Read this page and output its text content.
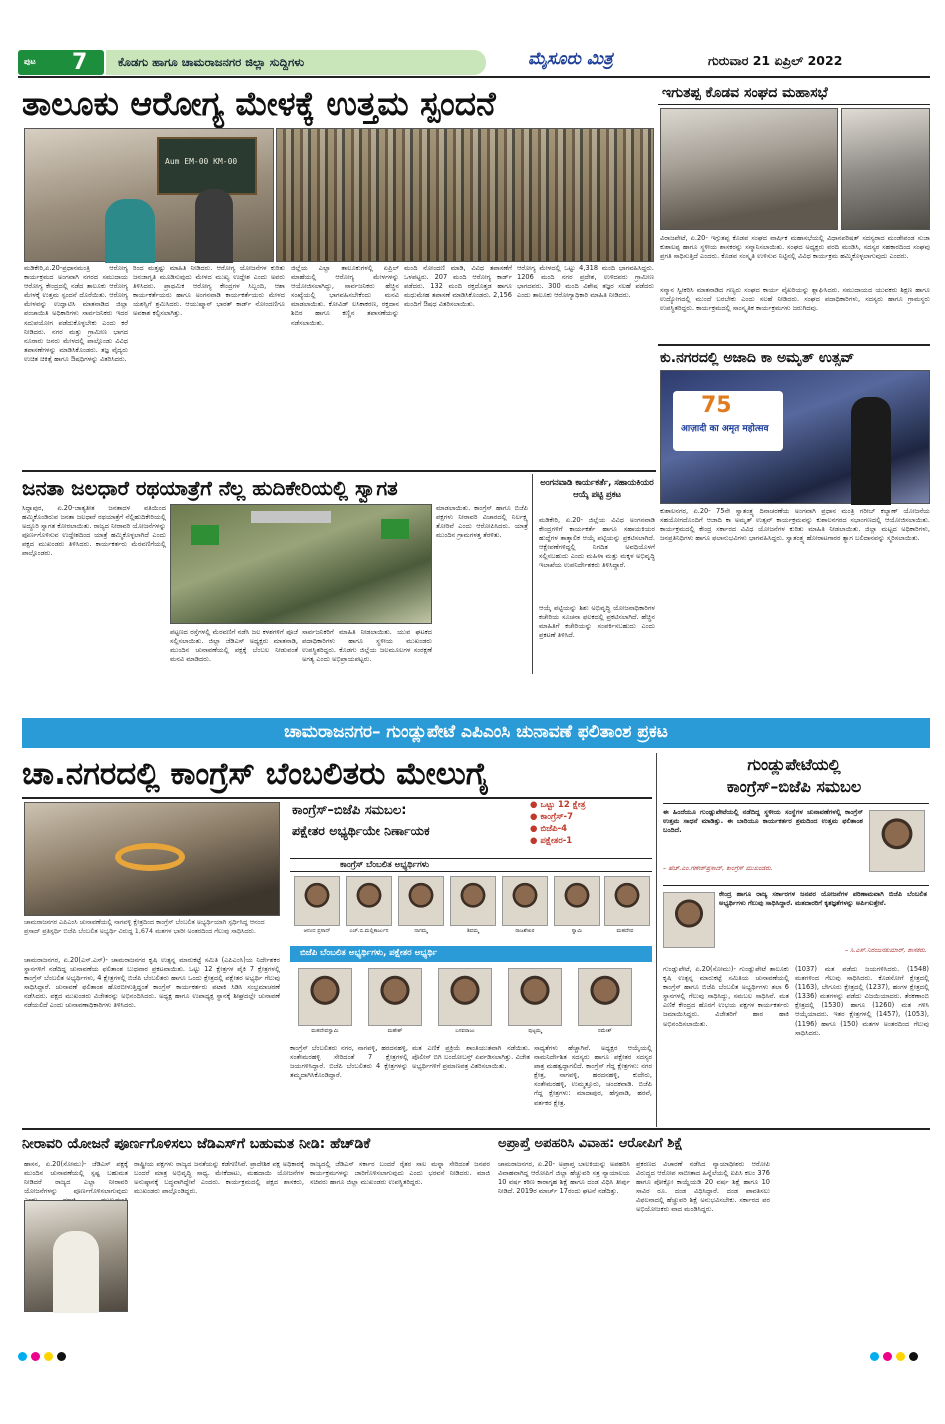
ಪುಟ 7	ಕೊಡಗು ಹಾಗೂ ಚಾಮರಾಜನಗರ ಜಿಲ್ಲಾ ಸುದ್ದಿಗಳು	ಮೈಸೂರು ಮಿತ್ರ	ಗುರುವಾರ 21 ಏಪ್ರಿಲ್ 2022
ತಾಲೂಕು ಆರೋಗ್ಯ ಮೇಳಕ್ಕೆ ಉತ್ತಮ ಸ್ಪಂದನೆ
Aum EM-00 KM-00
ಮಡಿಕೇರಿ,ಏ.20-ಪ್ರಧಾನಮಂತ್ರಿ ಆರೋಗ್ಯ ಕಾರ್ಯಕ್ರಮದ ಅಂಗವಾಗಿ ನಗರದ ಸಮುದಾಯ ಆರೋಗ್ಯ ಕೇಂದ್ರದಲ್ಲಿ ನಡೆದ ತಾಲೂಕು ಆರೋಗ್ಯ ಮೇಳಕ್ಕೆ ಉತ್ತಮ ಸ್ಪಂದನೆ ದೊರೆಯಿತು. ಆರೋಗ್ಯ ಮೇಳವನ್ನು ಉದ್ಘಾಟಿಸಿ ಮಾತನಾಡಿದ ಜಿಲ್ಲಾ ಪಂಚಾಯಿತಿ ಅಧಿಕಾರಿಗಳು ಸಾರ್ವಜನಿಕರು ಇದರ ಸದುಪಯೋಗ ಪಡೆದುಕೊಳ್ಳಬೇಕು ಎಂದು ಕರೆ ನೀಡಿದರು. ನಗರ ಮತ್ತು ಗ್ರಾಮೀಣ ಭಾಗದ ನೂರಾರು ಜನರು ಮೇಳದಲ್ಲಿ ಪಾಲ್ಗೊಂಡು ವಿವಿಧ ತಪಾಸಣೆಗಳನ್ನು ಮಾಡಿಸಿಕೊಂಡರು. ತಜ್ಞ ವೈದ್ಯರು ಉಚಿತ ಚಿಕಿತ್ಸೆ ಹಾಗೂ ಔಷಧಿಗಳನ್ನು ವಿತರಿಸಿದರು.
ರಿಂದ ಮತ್ತಷ್ಟು ಮಾಹಿತಿ ನೀಡಿದರು. ಆರೋಗ್ಯ ಯೋಜನೆಗಳ ಕುರಿತು ಜನಜಾಗೃತಿ ಮೂಡಿಸುವುದು ಮೇಳದ ಮುಖ್ಯ ಉದ್ದೇಶ ಎಂದು ಅವರು ತಿಳಿಸಿದರು. ಪ್ರಾಥಮಿಕ ಆರೋಗ್ಯ ಕೇಂದ್ರಗಳ ಸಿಬ್ಬಂದಿ, ಆಶಾ ಕಾರ್ಯಕರ್ತೆಯರು ಹಾಗೂ ಅಂಗನವಾಡಿ ಕಾರ್ಯಕರ್ತೆಯರು ಮೇಳದ ಯಶಸ್ಸಿಗೆ ಶ್ರಮಿಸಿದರು. ಆಯುಷ್ಮಾನ್ ಭಾರತ್ ಕಾರ್ಡ್ ನೋಂದಣಿಗೂ ಅವಕಾಶ ಕಲ್ಪಿಸಲಾಗಿತ್ತು.
ಜಿಲ್ಲೆಯ ಎಲ್ಲಾ ತಾಲೂಕುಗಳಲ್ಲಿ ಏಪ್ರಿಲ್ ಮಾಹೆಯಲ್ಲಿ ಆರೋಗ್ಯ ಮೇಳಗಳನ್ನು ಆಯೋಜಿಸಲಾಗಿದ್ದು, ಸಾರ್ವಜನಿಕರು ಹೆಚ್ಚಿನ ಸಂಖ್ಯೆಯಲ್ಲಿ ಭಾಗವಹಿಸಬೇಕೆಂದು ಮನವಿ ಮಾಡಲಾಯಿತು. ಕೋವಿಡ್ ಲಸಿಕಾಕರಣ, ರಕ್ತದಾನ ಶಿಬಿರ ಹಾಗೂ ಕಣ್ಣಿನ ತಪಾಸಣೆಯನ್ನು ನಡೆಸಲಾಯಿತು.
ಮಂದಿ ನೋಂದಣಿ ಮಾಡಿ, ವಿವಿಧ ತಪಾಸಣೆಗೆ ಒಳಪಟ್ಟರು. 207 ಮಂದಿ ಆರೋಗ್ಯ ಕಾರ್ಡ್ ಪಡೆದರು. 132 ಮಂದಿ ರಕ್ತದೊತ್ತಡ ಹಾಗೂ ಮಧುಮೇಹ ತಪಾಸಣೆ ಮಾಡಿಸಿಕೊಂಡರು. 2,156 ಮಂದಿಗೆ ಔಷಧ ವಿತರಿಸಲಾಯಿತು.
ಆರೋಗ್ಯ ಮೇಳದಲ್ಲಿ ಒಟ್ಟು 4,318 ಮಂದಿ ಭಾಗವಹಿಸಿದ್ದರು. 1206 ಮಂದಿ ನಗರ ಪ್ರದೇಶ, ಉಳಿದವರು ಗ್ರಾಮೀಣ ಭಾಗದವರು. 300 ಮಂದಿ ವಿಶೇಷ ತಜ್ಞರ ಸಲಹೆ ಪಡೆದರು ಎಂದು ತಾಲೂಕು ಆರೋಗ್ಯಾಧಿಕಾರಿ ಮಾಹಿತಿ ನೀಡಿದರು.
ಇಗುತಪ್ಪ ಕೊಡವ ಸಂಘದ ಮಹಾಸಭೆ
ವಿರಾಜಪೇಟೆ, ಏ.20- ಇಗ್ಗುತಪ್ಪ ಕೊಡವ ಸಂಘದ ವಾರ್ಷಿಕ ಮಹಾಸಭೆಯಲ್ಲಿ ವಿಧಾನಪರಿಷತ್ ಸದಸ್ಯರಾದ ಮಂಡೇಪಂಡ ಸುಜಾ ಕುಶಾಲಪ್ಪ ಹಾಗೂ ಸ್ಥಳೀಯ ಶಾಸಕರನ್ನು ಸನ್ಮಾನಿಸಲಾಯಿತು. ಸಂಘದ ಅಧ್ಯಕ್ಷರು ವರದಿ ಮಂಡಿಸಿ, ಸದಸ್ಯರ ಸಹಕಾರದಿಂದ ಸಂಘವು ಪ್ರಗತಿ ಸಾಧಿಸುತ್ತಿದೆ ಎಂದರು. ಕೊಡವ ಸಂಸ್ಕೃತಿ ಉಳಿಸುವ ನಿಟ್ಟಿನಲ್ಲಿ ವಿವಿಧ ಕಾರ್ಯಕ್ರಮ ಹಮ್ಮಿಕೊಳ್ಳಲಾಗುವುದು ಎಂದರು.
ಸನ್ಮಾನ ಸ್ವೀಕರಿಸಿ ಮಾತನಾಡಿದ ಗಣ್ಯರು ಸಂಘದ ಕಾರ್ಯ ವೈಖರಿಯನ್ನು ಶ್ಲಾಘಿಸಿದರು. ಸಮುದಾಯದ ಯುವಕರು ಶಿಕ್ಷಣ ಹಾಗೂ ಉದ್ಯೋಗದಲ್ಲಿ ಮುಂದೆ ಬರಬೇಕು ಎಂದು ಸಲಹೆ ನೀಡಿದರು. ಸಂಘದ ಪದಾಧಿಕಾರಿಗಳು, ಸದಸ್ಯರು ಹಾಗೂ ಗ್ರಾಮಸ್ಥರು ಉಪಸ್ಥಿತರಿದ್ದರು. ಕಾರ್ಯಕ್ರಮದಲ್ಲಿ ಸಾಂಸ್ಕೃತಿಕ ಕಾರ್ಯಕ್ರಮಗಳು ಜರುಗಿದವು.
ಕು.ನಗರದಲ್ಲಿ ಅಜಾದಿ ಕಾ ಅಮೃತ್ ಉತ್ಸವ್
75
आज़ादी का अमृत महोत्सव
ಕುಶಾಲನಗರ, ಏ.20- 75ನೇ ಸ್ವಾತಂತ್ರ್ಯ ದಿನಾಚರಣೆಯ ಅಂಗವಾಗಿ ಪ್ರಧಾನ ಮಂತ್ರಿ ಗರೀಬ್ ಕಲ್ಯಾಣ್ ಯೋಜನೆಯ ಸಹಯೋಗದೊಂದಿಗೆ ಆಜಾದಿ ಕಾ ಅಮೃತ್ ಉತ್ಸವ್ ಕಾರ್ಯಕ್ರಮವನ್ನು ಕುಶಾಲನಗರದ ಸಭಾಂಗಣದಲ್ಲಿ ಆಯೋಜಿಸಲಾಯಿತು. ಕಾರ್ಯಕ್ರಮದಲ್ಲಿ ಕೇಂದ್ರ ಸರ್ಕಾರದ ವಿವಿಧ ಯೋಜನೆಗಳ ಕುರಿತು ಮಾಹಿತಿ ನೀಡಲಾಯಿತು. ಜಿಲ್ಲಾ ಮಟ್ಟದ ಅಧಿಕಾರಿಗಳು, ಜನಪ್ರತಿನಿಧಿಗಳು ಹಾಗೂ ಫಲಾನುಭವಿಗಳು ಭಾಗವಹಿಸಿದ್ದರು. ಸ್ವಾತಂತ್ರ್ಯ ಹೋರಾಟಗಾರರ ತ್ಯಾಗ ಬಲಿದಾನವನ್ನು ಸ್ಮರಿಸಲಾಯಿತು.
ಜನತಾ ಜಲಧಾರೆ ರಥಯಾತ್ರೆಗೆ ನೆಲ್ಲ ಹುದಿಕೇರಿಯಲ್ಲಿ ಸ್ವಾಗತ
ಸಿದ್ದಾಪುರ, ಏ.20-ಜಾತ್ಯತೀತ ಜನತಾದಳ ವತಿಯಿಂದ ಹಮ್ಮಿಕೊಂಡಿರುವ ಜನತಾ ಜಲಧಾರೆ ರಥಯಾತ್ರೆಗೆ ನೆಲ್ಲಿಹುದಿಕೇರಿಯಲ್ಲಿ ಅದ್ಧೂರಿ ಸ್ವಾಗತ ಕೋರಲಾಯಿತು. ರಾಜ್ಯದ ನೀರಾವರಿ ಯೋಜನೆಗಳನ್ನು ಪೂರ್ಣಗೊಳಿಸುವ ಉದ್ದೇಶದಿಂದ ಯಾತ್ರೆ ಹಮ್ಮಿಕೊಳ್ಳಲಾಗಿದೆ ಎಂದು ಪಕ್ಷದ ಮುಖಂಡರು ತಿಳಿಸಿದರು. ಕಾರ್ಯಕರ್ತರು ಮೆರವಣಿಗೆಯಲ್ಲಿ ಪಾಲ್ಗೊಂಡರು.
ಪಟ್ಟಣದ ರಸ್ತೆಗಳಲ್ಲಿ ಮೆರವಣಿಗೆ ನಡೆಸಿ ಜಲ ಕಳಶಗಳಿಗೆ ಪೂಜೆ ಸಲ್ಲಿಸಲಾಯಿತು. ಜಿಲ್ಲಾ ಜೆಡಿಎಸ್ ಅಧ್ಯಕ್ಷರು ಮಾತನಾಡಿ, ಮುಂದಿನ ಚುನಾವಣೆಯಲ್ಲಿ ಪಕ್ಷಕ್ಕೆ ಬೆಂಬಲ ನೀಡುವಂತೆ ಮನವಿ ಮಾಡಿದರು.
ಸಾರ್ವಜನಿಕರಿಗೆ ಮಾಹಿತಿ ನೀಡಲಾಯಿತು. ಯುವ ಘಟಕದ ಪದಾಧಿಕಾರಿಗಳು ಹಾಗೂ ಸ್ಥಳೀಯ ಮುಖಂಡರು ಉಪಸ್ಥಿತರಿದ್ದರು. ಕೊಡಗು ಜಿಲ್ಲೆಯ ಜಲಮೂಲಗಳ ಸಂರಕ್ಷಣೆ ಅಗತ್ಯ ಎಂದು ಅಭಿಪ್ರಾಯಪಟ್ಟರು.
ಮಾಡಲಾಯಿತು. ಕಾಂಗ್ರೆಸ್ ಹಾಗೂ ಬಿಜೆಪಿ ಪಕ್ಷಗಳು ನೀರಾವರಿ ವಿಚಾರದಲ್ಲಿ ನಿರ್ಲಕ್ಷ್ಯ ತೋರಿವೆ ಎಂದು ಆರೋಪಿಸಿದರು. ಯಾತ್ರೆ ಮುಂದಿನ ಗ್ರಾಮಗಳತ್ತ ತೆರಳಿತು.
ಅಂಗನವಾಡಿ ಕಾರ್ಯಕರ್ತೆ, ಸಹಾಯಕಿಯರ ಆಯ್ಕೆ ಪಟ್ಟಿ ಪ್ರಕಟ
ಮಡಿಕೇರಿ, ಏ.20- ಜಿಲ್ಲೆಯ ವಿವಿಧ ಅಂಗನವಾಡಿ ಕೇಂದ್ರಗಳಿಗೆ ಕಾರ್ಯಕರ್ತೆ ಹಾಗೂ ಸಹಾಯಕಿಯರ ಹುದ್ದೆಗಳ ತಾತ್ಕಾಲಿಕ ಆಯ್ಕೆ ಪಟ್ಟಿಯನ್ನು ಪ್ರಕಟಿಸಲಾಗಿದೆ. ಆಕ್ಷೇಪಣೆಗಳಿದ್ದಲ್ಲಿ ನಿಗದಿತ ಅವಧಿಯೊಳಗೆ ಸಲ್ಲಿಸಬಹುದು ಎಂದು ಮಹಿಳಾ ಮತ್ತು ಮಕ್ಕಳ ಅಭಿವೃದ್ಧಿ ಇಲಾಖೆಯ ಉಪನಿರ್ದೇಶಕರು ತಿಳಿಸಿದ್ದಾರೆ.
ಆಯ್ಕೆ ಪಟ್ಟಿಯನ್ನು ಶಿಶು ಅಭಿವೃದ್ಧಿ ಯೋಜನಾಧಿಕಾರಿಗಳ ಕಚೇರಿಯ ಸೂಚನಾ ಫಲಕದಲ್ಲಿ ಪ್ರಕಟಿಸಲಾಗಿದೆ. ಹೆಚ್ಚಿನ ಮಾಹಿತಿಗೆ ಕಚೇರಿಯನ್ನು ಸಂಪರ್ಕಿಸಬಹುದು ಎಂದು ಪ್ರಕಟಣೆ ತಿಳಿಸಿದೆ.
ಚಾಮರಾಜನಗರ– ಗುಂಡ್ಲುಪೇಟೆ ಎಪಿಎಂಸಿ ಚುನಾವಣೆ ಫಲಿತಾಂಶ ಪ್ರಕಟ
ಚಾ.ನಗರದಲ್ಲಿ ಕಾಂಗ್ರೆಸ್ ಬೆಂಬಲಿತರು ಮೇಲುಗೈ
ಚಾಮರಾಜನಗರ ಎಪಿಎಂಸಿ ಚುನಾವಣೆಯಲ್ಲಿ ನಾಗವಳ್ಳಿ ಕ್ಷೇತ್ರದಿಂದ ಕಾಂಗ್ರೆಸ್ ಬೆಂಬಲಿತ ಅಭ್ಯರ್ಥಿಯಾಗಿ ಸ್ಪರ್ಧಿಸಿದ್ದ ಆನಂದ ಪ್ರಸಾದ್ ಪ್ರತಿಸ್ಪರ್ಧಿ ಬಿಜೆಪಿ ಬೆಂಬಲಿತ ಅಭ್ಯರ್ಥಿ ವಿರುದ್ಧ 1,674 ಮತಗಳ ಭಾರೀ ಅಂತರದಿಂದ ಗೆಲುವು ಸಾಧಿಸಿದರು.
ಕಾಂಗ್ರೆಸ್–ಬಿಜೆಪಿ ಸಮಬಲ:
ಪಕ್ಷೇತರ ಅಭ್ಯರ್ಥಿಯೇ ನಿರ್ಣಾಯಕ
● ಒಟ್ಟು 12 ಕ್ಷೇತ್ರ
● ಕಾಂಗ್ರೆಸ್-7
● ಬಿಜೆಪಿ-4
● ಪಕ್ಷೇತರ-1
ಕಾಂಗ್ರೆಸ್ ಬೆಂಬಲಿತ ಅಭ್ಯರ್ಥಿಗಳು
ಆನಂದ ಪ್ರಸಾದ್	ಎಚ್.ಬಿ.ಮಲ್ಲಿಕಾರ್ಜುನ	ನಾಗಮ್ಮ	ಶಿವಮ್ಮ	ರಾಜಶೇಖರ	ಸ್ವಾಮಿ	ಮಹದೇವ
ಬಿಜೆಪಿ ಬೆಂಬಲಿತ ಅಭ್ಯರ್ಥಿಗಳು, ಪಕ್ಷೇತರ ಅಭ್ಯರ್ಥಿ
ಮಹದೇವಸ್ವಾಮಿ	ಮಹೇಶ್	ಬಸವರಾಜು	ಪುಟ್ಟಮ್ಮ	ರಮೇಶ್
ಚಾಮರಾಜನಗರ, ಏ.20(ಎಸ್.ಎಸ್)- ಚಾಮರಾಜನಗರ ಕೃಷಿ ಉತ್ಪನ್ನ ಮಾರುಕಟ್ಟೆ ಸಮಿತಿ (ಎಪಿಎಂಸಿ)ಯ ನಿರ್ದೇಶಕರ ಸ್ಥಾನಗಳಿಗೆ ನಡೆದಿದ್ದ ಚುನಾವಣೆಯ ಫಲಿತಾಂಶ ಬುಧವಾರ ಪ್ರಕಟವಾಯಿತು. ಒಟ್ಟು 12 ಕ್ಷೇತ್ರಗಳ ಪೈಕಿ 7 ಕ್ಷೇತ್ರಗಳಲ್ಲಿ ಕಾಂಗ್ರೆಸ್ ಬೆಂಬಲಿತ ಅಭ್ಯರ್ಥಿಗಳು, 4 ಕ್ಷೇತ್ರಗಳಲ್ಲಿ ಬಿಜೆಪಿ ಬೆಂಬಲಿತರು ಹಾಗೂ ಒಂದು ಕ್ಷೇತ್ರದಲ್ಲಿ ಪಕ್ಷೇತರ ಅಭ್ಯರ್ಥಿ ಗೆಲುವು ಸಾಧಿಸಿದ್ದಾರೆ. ಚುನಾವಣೆ ಫಲಿತಾಂಶ ಹೊರಬೀಳುತ್ತಿದ್ದಂತೆ ಕಾಂಗ್ರೆಸ್ ಕಾರ್ಯಕರ್ತರು ಪಟಾಕಿ ಸಿಡಿಸಿ ಸಂಭ್ರಮಾಚರಣೆ ನಡೆಸಿದರು. ಪಕ್ಷದ ಮುಖಂಡರು ವಿಜೇತರನ್ನು ಅಭಿನಂದಿಸಿದರು. ಅಧ್ಯಕ್ಷ ಹಾಗೂ ಉಪಾಧ್ಯಕ್ಷ ಸ್ಥಾನಕ್ಕೆ ಶೀಘ್ರದಲ್ಲೇ ಚುನಾವಣೆ ನಡೆಯಲಿದೆ ಎಂದು ಚುನಾವಣಾಧಿಕಾರಿಗಳು ತಿಳಿಸಿದರು.
ಕಾಂಗ್ರೆಸ್ ಬೆಂಬಲಿತರು ನಗರ, ನಾಗವಳ್ಳಿ, ಹರದನಹಳ್ಳಿ, ಸಂತೇಮರಹಳ್ಳಿ ಸೇರಿದಂತೆ 7 ಕ್ಷೇತ್ರಗಳಲ್ಲಿ ಜಯಗಳಿಸಿದ್ದಾರೆ. ಬಿಜೆಪಿ ಬೆಂಬಲಿತರು 4 ಕ್ಷೇತ್ರಗಳನ್ನು ತಮ್ಮದಾಗಿಸಿಕೊಂಡಿದ್ದಾರೆ.
ಮತ ಎಣಿಕೆ ಪ್ರಕ್ರಿಯೆ ಶಾಂತಿಯುತವಾಗಿ ನಡೆಯಿತು. ಪೊಲೀಸ್ ಬಿಗಿ ಬಂದೋಬಸ್ತ್ ಏರ್ಪಡಿಸಲಾಗಿತ್ತು. ವಿಜೇತ ಅಭ್ಯರ್ಥಿಗಳಿಗೆ ಪ್ರಮಾಣಪತ್ರ ವಿತರಿಸಲಾಯಿತು.
ಸಾಧ್ಯತೆಗಳು ಹೆಚ್ಚಾಗಿವೆ. ಅಧ್ಯಕ್ಷರ ಆಯ್ಕೆಯಲ್ಲಿ ನಾಮನಿರ್ದೇಶಿತ ಸದಸ್ಯರು ಹಾಗೂ ಪಕ್ಷೇತರ ಸದಸ್ಯರ ಪಾತ್ರ ಮಹತ್ವದ್ದಾಗಲಿದೆ. ಕಾಂಗ್ರೆಸ್ ಗೆದ್ದ ಕ್ಷೇತ್ರಗಳು: ನಗರ ಕ್ಷೇತ್ರ, ನಾಗವಳ್ಳಿ, ಹರದನಹಳ್ಳಿ, ಕುದೇರು, ಸಂತೇಮರಹಳ್ಳಿ, ಉಮ್ಮತ್ತೂರು, ಚಂದಕವಾಡಿ. ಬಿಜೆಪಿ ಗೆದ್ದ ಕ್ಷೇತ್ರಗಳು: ಮಾದಾಪುರ, ಹೆಗ್ಗವಾಡಿ, ಹರವೆ, ವರ್ತಕರ ಕ್ಷೇತ್ರ.
ಗುಂಡ್ಲುಪೇಟೆಯಲ್ಲಿ
ಕಾಂಗ್ರೆಸ್–ಬಿಜೆಪಿ ಸಮಬಲ
ಈ ಹಿಂದೆಯೂ ಗುಂಡ್ಲುಪೇಟೆಯಲ್ಲಿ ನಡೆದಿದ್ದ ಸ್ಥಳೀಯ ಸಂಸ್ಥೆಗಳ ಚುನಾವಣೆಗಳಲ್ಲಿ ಕಾಂಗ್ರೆಸ್ ಉತ್ತಮ ಸಾಧನೆ ಮಾಡಿತ್ತು. ಈ ಬಾರಿಯೂ ಕಾರ್ಯಕರ್ತರ ಶ್ರಮದಿಂದ ಉತ್ತಮ ಫಲಿತಾಂಶ ಬಂದಿದೆ.
– ಹೆಚ್.ಎಂ.ಗಣೇಶ್‌ಪ್ರಸಾದ್, ಕಾಂಗ್ರೆಸ್ ಮುಖಂಡರು.
ಕೇಂದ್ರ ಹಾಗೂ ರಾಜ್ಯ ಸರ್ಕಾರಗಳ ಜನಪರ ಯೋಜನೆಗಳ ಪರಿಣಾಮವಾಗಿ ಬಿಜೆಪಿ ಬೆಂಬಲಿತ ಅಭ್ಯರ್ಥಿಗಳು ಗೆಲುವು ಸಾಧಿಸಿದ್ದಾರೆ. ಮತದಾರರಿಗೆ ಕೃತಜ್ಞತೆಗಳನ್ನು ಅರ್ಪಿಸುತ್ತೇನೆ.
– ಸಿ.ಎಸ್.ನಿರಂಜನಕುಮಾರ್, ಶಾಸಕರು.
ಗುಂಡ್ಲುಪೇಟೆ, ಏ.20(ಸೋಮು)- ಗುಂಡ್ಲುಪೇಟೆ ತಾಲೂಕು ಕೃಷಿ ಉತ್ಪನ್ನ ಮಾರುಕಟ್ಟೆ ಸಮಿತಿಯ ಚುನಾವಣೆಯಲ್ಲಿ ಕಾಂಗ್ರೆಸ್ ಹಾಗೂ ಬಿಜೆಪಿ ಬೆಂಬಲಿತ ಅಭ್ಯರ್ಥಿಗಳು ತಲಾ 6 ಸ್ಥಾನಗಳಲ್ಲಿ ಗೆಲುವು ಸಾಧಿಸಿದ್ದು, ಸಮಬಲ ಸಾಧಿಸಿವೆ. ಮತ ಎಣಿಕೆ ಕೇಂದ್ರದ ಹೊರಗೆ ಉಭಯ ಪಕ್ಷಗಳ ಕಾರ್ಯಕರ್ತರು ಜಮಾಯಿಸಿದ್ದರು. ವಿಜೇತರಿಗೆ ಹಾರ ಹಾಕಿ ಅಭಿನಂದಿಸಲಾಯಿತು.
(1037) ಮತ ಪಡೆದು ಜಯಗಳಿಸಿದರು. (1548) ಮತಗಳಿಂದ ಗೆಲುವು ಸಾಧಿಸಿದರು. ಕೊಡಸೋಗೆ ಕ್ಷೇತ್ರದಲ್ಲಿ (1163), ಬೇಗೂರು ಕ್ಷೇತ್ರದಲ್ಲಿ (1237), ಹಂಗಳ ಕ್ಷೇತ್ರದಲ್ಲಿ (1336) ಮತಗಳನ್ನು ಪಡೆದು ವಿಜಯಿಯಾದರು. ತೆರಕಣಾಂಬಿ ಕ್ಷೇತ್ರದಲ್ಲಿ (1530) ಹಾಗೂ (1260) ಮತ ಗಳಿಸಿ ಆಯ್ಕೆಯಾದರು. ಇತರ ಕ್ಷೇತ್ರಗಳಲ್ಲಿ (1457), (1053), (1196) ಹಾಗೂ (150) ಮತಗಳ ಅಂತರದಿಂದ ಗೆಲುವು ಸಾಧಿಸಿದರು.
ನೀರಾವರಿ ಯೋಜನೆ ಪೂರ್ಣಗೊಳಿಸಲು ಜೆಡಿಎಸ್‌ಗೆ ಬಹುಮತ ನೀಡಿ: ಹೆಚ್‌ಡಿಕೆ
ಹಾಸನ, ಏ.20(ಸೋಮು)- ಜೆಡಿಎಸ್ ಪಕ್ಷಕ್ಕೆ ಮುಂದಿನ ಚುನಾವಣೆಯಲ್ಲಿ ಸ್ಪಷ್ಟ ಬಹುಮತ ನೀಡಿದರೆ ರಾಜ್ಯದ ಎಲ್ಲಾ ನೀರಾವರಿ ಯೋಜನೆಗಳನ್ನು ಪೂರ್ಣಗೊಳಿಸಲಾಗುವುದು
ರಾಷ್ಟ್ರೀಯ ಪಕ್ಷಗಳು ರಾಜ್ಯದ ಜನತೆಯನ್ನು ಕಡೆಗಣಿಸಿವೆ. ಪ್ರಾದೇಶಿಕ ಪಕ್ಷ ಅಧಿಕಾರಕ್ಕೆ ಬಂದರೆ ಮಾತ್ರ ಅಭಿವೃದ್ಧಿ ಸಾಧ್ಯ. ಮೇಕೆದಾಟು, ಮಹದಾಯಿ ಯೋಜನೆಗಳ ಅನುಷ್ಠಾನಕ್ಕೆ ಬದ್ಧವಾಗಿದ್ದೇವೆ ಎಂದರು. ಕಾರ್ಯಕ್ರಮದಲ್ಲಿ ಪಕ್ಷದ ಶಾಸಕರು, ಮುಖಂಡರು ಪಾಲ್ಗೊಂಡಿದ್ದರು.
ರಾಜ್ಯದಲ್ಲಿ ಜೆಡಿಎಸ್ ಸರ್ಕಾರ ಬಂದರೆ ರೈತರ ಸಾಲ ಮನ್ನಾ ಸೇರಿದಂತೆ ಜನಪರ ಕಾರ್ಯಕ್ರಮಗಳನ್ನು ಜಾರಿಗೊಳಿಸಲಾಗುವುದು ಎಂದು ಭರವಸೆ ನೀಡಿದರು. ಮಾಜಿ ಸಚಿವರು ಹಾಗೂ ಜಿಲ್ಲಾ ಮುಖಂಡರು ಉಪಸ್ಥಿತರಿದ್ದರು.
ಅಪ್ರಾಪ್ತೆ ಅಪಹರಿಸಿ ವಿವಾಹ: ಆರೋಪಿಗೆ ಶಿಕ್ಷೆ
ಚಾಮರಾಜನಗರ, ಏ.20- ಅಪ್ರಾಪ್ತ ಬಾಲಕಿಯನ್ನು ಅಪಹರಿಸಿ ವಿವಾಹವಾಗಿದ್ದ ಆರೋಪಿಗೆ ಜಿಲ್ಲಾ ಹೆಚ್ಚುವರಿ ಸತ್ರ ನ್ಯಾಯಾಲಯ 10 ವರ್ಷ ಕಠಿಣ ಕಾರಾಗೃಹ ಶಿಕ್ಷೆ ಹಾಗೂ ದಂಡ ವಿಧಿಸಿ ತೀರ್ಪು ನೀಡಿದೆ. 2019ರ ಮಾರ್ಚ್ 17ರಂದು ಘಟನೆ ನಡೆದಿತ್ತು.
ಪ್ರಕರಣದ ವಿಚಾರಣೆ ನಡೆಸಿದ ನ್ಯಾಯಾಧೀಶರು ಆರೋಪಿ ವಿರುದ್ಧದ ಆರೋಪ ಸಾಬೀತಾದ ಹಿನ್ನೆಲೆಯಲ್ಲಿ ಐಪಿಸಿ ಕಲಂ 376 ಹಾಗೂ ಪೋಕ್ಸೋ ಕಾಯ್ದೆಯಡಿ 20 ವರ್ಷ ಶಿಕ್ಷೆ ಹಾಗೂ 10 ಸಾವಿರ ರೂ. ದಂಡ ವಿಧಿಸಿದ್ದಾರೆ. ದಂಡ ಪಾವತಿಸಲು ವಿಫಲನಾದಲ್ಲಿ ಹೆಚ್ಚುವರಿ ಶಿಕ್ಷೆ ಅನುಭವಿಸಬೇಕು. ಸರ್ಕಾರದ ಪರ ಅಭಿಯೋಜಕರು ವಾದ ಮಂಡಿಸಿದ್ದರು.
